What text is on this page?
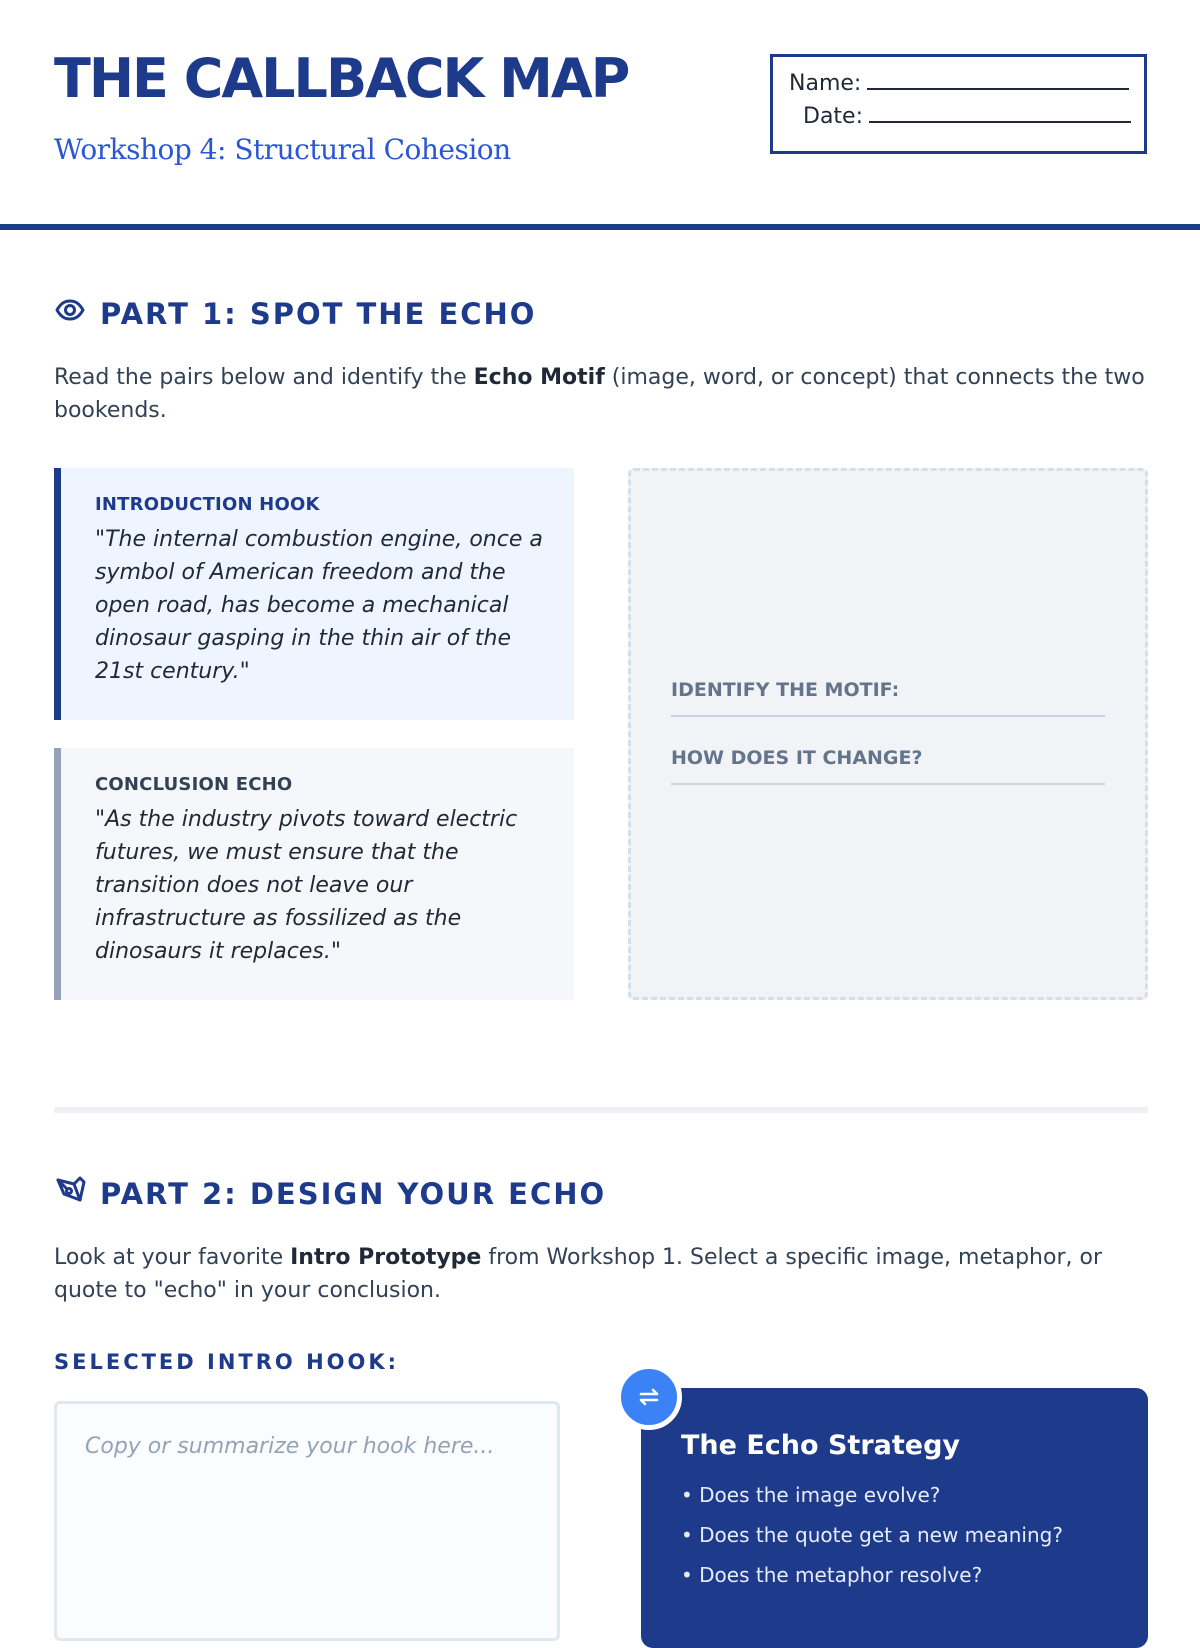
THE CALLBACK MAP
Workshop 4: Structural Cohesion
Name:
Date:
PART 1: SPOT THE ECHO
Read the pairs below and identify the Echo Motif (image, word, or concept) that connects the two bookends.
INTRODUCTION HOOK
"The internal combustion engine, once a symbol of American freedom and the open road, has become a mechanical dinosaur gasping in the thin air of the 21st century."
CONCLUSION ECHO
"As the industry pivots toward electric futures, we must ensure that the transition does not leave our infrastructure as fossilized as the dinosaurs it replaces."
IDENTIFY THE MOTIF:
HOW DOES IT CHANGE?
PART 2: DESIGN YOUR ECHO
Look at your favorite Intro Prototype from Workshop 1. Select a specific image, metaphor, or quote to "echo" in your conclusion.
SELECTED INTRO HOOK:
Copy or summarize your hook here...
The Echo Strategy
• Does the image evolve?
• Does the quote get a new meaning?
• Does the metaphor resolve?
